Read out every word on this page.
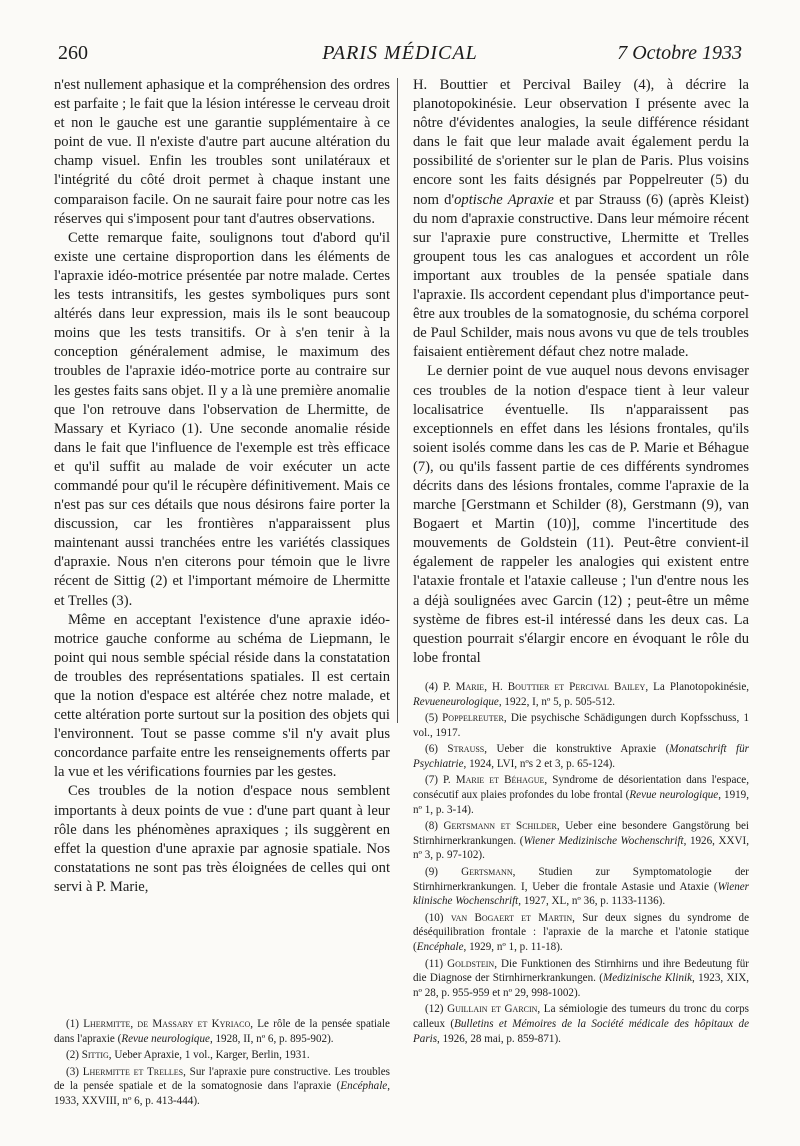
260	PARIS MÉDICAL	7 Octobre 1933

n'est nullement aphasique et la compréhension des ordres est parfaite ; le fait que la lésion intéresse le cerveau droit et non le gauche est une garantie supplémentaire à ce point de vue. Il n'existe d'autre part aucune altération du champ visuel. Enfin les troubles sont unilatéraux et l'intégrité du côté droit permet à chaque instant une comparaison facile. On ne saurait faire pour notre cas les réserves qui s'imposent pour tant d'autres observations.

Cette remarque faite, soulignons tout d'abord qu'il existe une certaine disproportion dans les éléments de l'apraxie idéo-motrice présentée par notre malade. Certes les tests intransitifs, les gestes symboliques purs sont altérés dans leur expression, mais ils le sont beaucoup moins que les tests transitifs. Or à s'en tenir à la conception généralement admise, le maximum des troubles de l'apraxie idéo-motrice porte au contraire sur les gestes faits sans objet. Il y a là une première anomalie que l'on retrouve dans l'observation de Lhermitte, de Massary et Kyriaco (1). Une seconde anomalie réside dans le fait que l'influence de l'exemple est très efficace et qu'il suffit au malade de voir exécuter un acte commandé pour qu'il le récupère définitivement. Mais ce n'est pas sur ces détails que nous désirons faire porter la discussion, car les frontières n'apparaissent plus maintenant aussi tranchées entre les variétés classiques d'apraxie. Nous n'en citerons pour témoin que le livre récent de Sittig (2) et l'important mémoire de Lhermitte et Trelles (3).

Même en acceptant l'existence d'une apraxie idéo-motrice gauche conforme au schéma de Liepmann, le point qui nous semble spécial réside dans la constatation de troubles des représentations spatiales. Il est certain que la notion d'espace est altérée chez notre malade, et cette altération porte surtout sur la position des objets qui l'environnent. Tout se passe comme s'il n'y avait plus concordance parfaite entre les renseignements offerts par la vue et les vérifications fournies par les gestes.

Ces troubles de la notion d'espace nous semblent importants à deux points de vue : d'une part quant à leur rôle dans les phénomènes apraxiques ; ils suggèrent en effet la question d'une apraxie par agnosie spatiale. Nos constatations ne sont pas très éloignées de celles qui ont servi à P. Marie,

(1) Lhermitte, de Massary et Kyriaco, Le rôle de la pensée spatiale dans l'apraxie (Revue neurologique, 1928, II, nº 6, p. 895-902).

(2) Sittig, Ueber Apraxie, 1 vol., Karger, Berlin, 1931.

(3) Lhermitte et Trelles, Sur l'apraxie pure constructive. Les troubles de la pensée spatiale et de la somatognosie dans l'apraxie (Encéphale, 1933, XXVIII, nº 6, p. 413-444).

H. Bouttier et Percival Bailey (4), à décrire la planotopokinésie. Leur observation I présente avec la nôtre d'évidentes analogies, la seule différence résidant dans le fait que leur malade avait également perdu la possibilité de s'orienter sur le plan de Paris. Plus voisins encore sont les faits désignés par Poppelreuter (5) du nom d'optische Apraxie et par Strauss (6) (après Kleist) du nom d'apraxie constructive. Dans leur mémoire récent sur l'apraxie pure constructive, Lhermitte et Trelles groupent tous les cas analogues et accordent un rôle important aux troubles de la pensée spatiale dans l'apraxie. Ils accordent cependant plus d'importance peut-être aux troubles de la somatognosie, du schéma corporel de Paul Schilder, mais nous avons vu que de tels troubles faisaient entièrement défaut chez notre malade.

Le dernier point de vue auquel nous devons envisager ces troubles de la notion d'espace tient à leur valeur localisatrice éventuelle. Ils n'apparaissent pas exceptionnels en effet dans les lésions frontales, qu'ils soient isolés comme dans les cas de P. Marie et Béhague (7), ou qu'ils fassent partie de ces différents syndromes décrits dans des lésions frontales, comme l'apraxie de la marche [Gerstmann et Schilder (8), Gerstmann (9), van Bogaert et Martin (10)], comme l'incertitude des mouvements de Goldstein (11). Peut-être convient-il également de rappeler les analogies qui existent entre l'ataxie frontale et l'ataxie calleuse ; l'un d'entre nous les a déjà soulignées avec Garcin (12) ; peut-être un même système de fibres est-il intéressé dans les deux cas. La question pourrait s'élargir encore en évoquant le rôle du lobe frontal

(4) P. Marie, H. Bouttier et Percival Bailey, La Planotopokinésie, Revueneurologique, 1922, I, nº 5, p. 505-512.

(5) Poppelreuter, Die psychische Schädigungen durch Kopfsschuss, 1 vol., 1917.

(6) Strauss, Ueber die konstruktive Apraxie (Monatschrift für Psychiatrie, 1924, LVI, nºs 2 et 3, p. 65-124).

(7) P. Marie et Béhague, Syndrome de désorientation dans l'espace, consécutif aux plaies profondes du lobe frontal (Revue neurologique, 1919, nº 1, p. 3-14).

(8) Gertsmann et Schilder, Ueber eine besondere Gangstörung bei Stirnhirnerkrankungen. (Wiener Medizinische Wochenschrift, 1926, XXVI, nº 3, p. 97-102).

(9) Gertsmann, Studien zur Symptomatologie der Stirnhirnerkrankungen. I, Ueber die frontale Astasie und Ataxie (Wiener klinische Wochenschrift, 1927, XL, nº 36, p. 1133-1136).

(10) van Bogaert et Martin, Sur deux signes du syndrome de déséquilibration frontale : l'apraxie de la marche et l'atonie statique (Encéphale, 1929, nº 1, p. 11-18).

(11) Goldstein, Die Funktionen des Stirnhirns und ihre Bedeutung für die Diagnose der Stirnhirnerkrankungen. (Medizinische Klinik, 1923, XIX, nº 28, p. 955-959 et nº 29, 998-1002).

(12) Guillain et Garcin, La sémiologie des tumeurs du tronc du corps calleux (Bulletins et Mémoires de la Société médicale des hôpitaux de Paris, 1926, 28 mai, p. 859-871).
